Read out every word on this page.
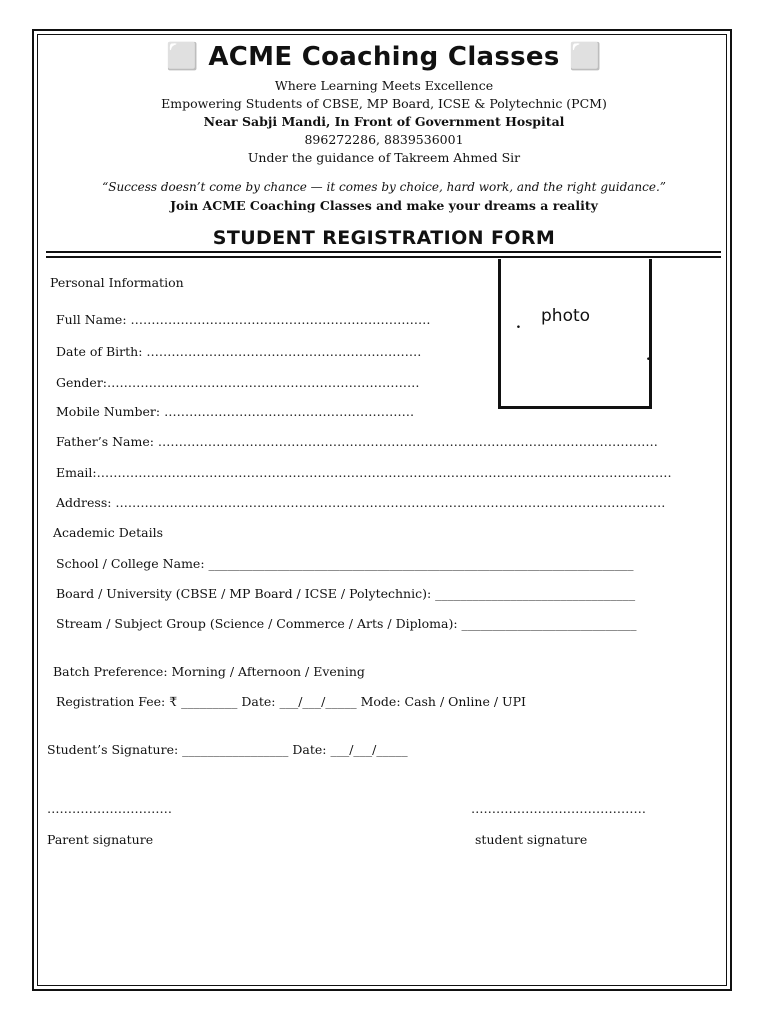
⬜ ACME Coaching Classes ⬜
Where Learning Meets Excellence
Empowering Students of CBSE, MP Board, ICSE & Polytechnic (PCM)
Near Sabji Mandi, In Front of Government Hospital
896272286, 8839536001
Under the guidance of Takreem Ahmed Sir
“Success doesn’t come by chance — it comes by choice, hard work, and the right guidance.”
Join ACME Coaching Classes and make your dreams a reality
STUDENT REGISTRATION FORM
photo
.
.
Personal Information
Full Name: ………………………………………………………………
Date of Birth: …………………………………………………………
Gender:…………………………………………………………………
Mobile Number: ……………………………………………………
Father’s Name: …………………………………………………………………………………………………………
Email:…………………………………………………………………………………………………………………………
Address: ……………………………………………………………………………………………………………………
Academic Details
School / College Name: ____________________________________________________________________
Board / University (CBSE / MP Board / ICSE / Polytechnic): ________________________________
Stream / Subject Group (Science / Commerce / Arts / Diploma): ____________________________
Batch Preference: Morning / Afternoon / Evening
Registration Fee: ₹ _________ Date: ___/___/_____ Mode: Cash / Online / UPI
Student’s Signature: _________________ Date: ___/___/_____
…………………………	……………………………………
Parent signature	student signature
